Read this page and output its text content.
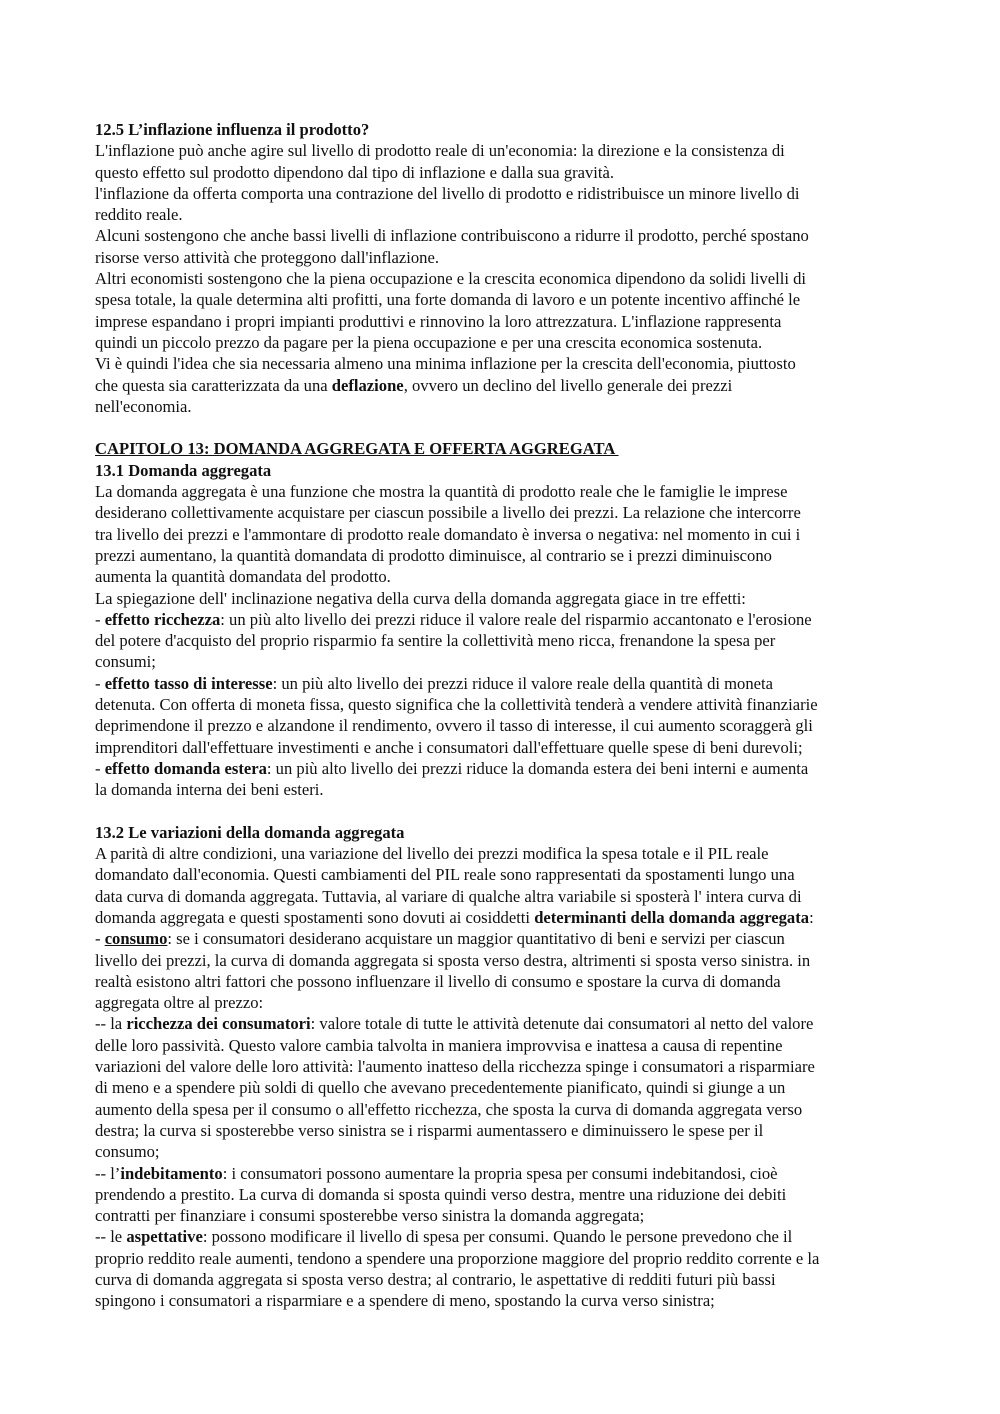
12.5 L’inflazione influenza il prodotto?
L'inflazione può anche agire sul livello di prodotto reale di un'economia: la direzione e la consistenza di
questo effetto sul prodotto dipendono dal tipo di inflazione e dalla sua gravità.
l'inflazione da offerta comporta una contrazione del livello di prodotto e ridistribuisce un minore livello di
reddito reale.
Alcuni sostengono che anche bassi livelli di inflazione contribuiscono a ridurre il prodotto, perché spostano
risorse verso attività che proteggono dall'inflazione.
Altri economisti sostengono che la piena occupazione e la crescita economica dipendono da solidi livelli di
spesa totale, la quale determina alti profitti, una forte domanda di lavoro e un potente incentivo affinché le
imprese espandano i propri impianti produttivi e rinnovino la loro attrezzatura. L'inflazione rappresenta
quindi un piccolo prezzo da pagare per la piena occupazione e per una crescita economica sostenuta.
Vi è quindi l'idea che sia necessaria almeno una minima inflazione per la crescita dell'economia, piuttosto
che questa sia caratterizzata da una deflazione, ovvero un declino del livello generale dei prezzi
nell'economia.
CAPITOLO 13: DOMANDA AGGREGATA E OFFERTA AGGREGATA
13.1 Domanda aggregata
La domanda aggregata è una funzione che mostra la quantità di prodotto reale che le famiglie le imprese
desiderano collettivamente acquistare per ciascun possibile a livello dei prezzi. La relazione che intercorre
tra livello dei prezzi e l'ammontare di prodotto reale domandato è inversa o negativa: nel momento in cui i
prezzi aumentano, la quantità domandata di prodotto diminuisce, al contrario se i prezzi diminuiscono
aumenta la quantità domandata del prodotto.
La spiegazione dell' inclinazione negativa della curva della domanda aggregata giace in tre effetti:
- effetto ricchezza: un più alto livello dei prezzi riduce il valore reale del risparmio accantonato e l'erosione
del potere d'acquisto del proprio risparmio fa sentire la collettività meno ricca, frenandone la spesa per
consumi;
- effetto tasso di interesse: un più alto livello dei prezzi riduce il valore reale della quantità di moneta
detenuta. Con offerta di moneta fissa, questo significa che la collettività tenderà a vendere attività finanziarie
deprimendone il prezzo e alzandone il rendimento, ovvero il tasso di interesse, il cui aumento scoraggerà gli
imprenditori dall'effettuare investimenti e anche i consumatori dall'effettuare quelle spese di beni durevoli;
- effetto domanda estera: un più alto livello dei prezzi riduce la domanda estera dei beni interni e aumenta
la domanda interna dei beni esteri.
13.2 Le variazioni della domanda aggregata
A parità di altre condizioni, una variazione del livello dei prezzi modifica la spesa totale e il PIL reale
domandato dall'economia. Questi cambiamenti del PIL reale sono rappresentati da spostamenti lungo una
data curva di domanda aggregata. Tuttavia, al variare di qualche altra variabile si sposterà l' intera curva di
domanda aggregata e questi spostamenti sono dovuti ai cosiddetti determinanti della domanda aggregata:
- consumo: se i consumatori desiderano acquistare un maggior quantitativo di beni e servizi per ciascun
livello dei prezzi, la curva di domanda aggregata si sposta verso destra, altrimenti si sposta verso sinistra. in
realtà esistono altri fattori che possono influenzare il livello di consumo e spostare la curva di domanda
aggregata oltre al prezzo:
-- la ricchezza dei consumatori: valore totale di tutte le attività detenute dai consumatori al netto del valore
delle loro passività. Questo valore cambia talvolta in maniera improvvisa e inattesa a causa di repentine
variazioni del valore delle loro attività: l'aumento inatteso della ricchezza spinge i consumatori a risparmiare
di meno e a spendere più soldi di quello che avevano precedentemente pianificato, quindi si giunge a un
aumento della spesa per il consumo o all'effetto ricchezza, che sposta la curva di domanda aggregata verso
destra; la curva si sposterebbe verso sinistra se i risparmi aumentassero e diminuissero le spese per il
consumo;
-- l’indebitamento: i consumatori possono aumentare la propria spesa per consumi indebitandosi, cioè
prendendo a prestito. La curva di domanda si sposta quindi verso destra, mentre una riduzione dei debiti
contratti per finanziare i consumi sposterebbe verso sinistra la domanda aggregata;
-- le aspettative: possono modificare il livello di spesa per consumi. Quando le persone prevedono che il
proprio reddito reale aumenti, tendono a spendere una proporzione maggiore del proprio reddito corrente e la
curva di domanda aggregata si sposta verso destra; al contrario, le aspettative di redditi futuri più bassi
spingono i consumatori a risparmiare e a spendere di meno, spostando la curva verso sinistra;
